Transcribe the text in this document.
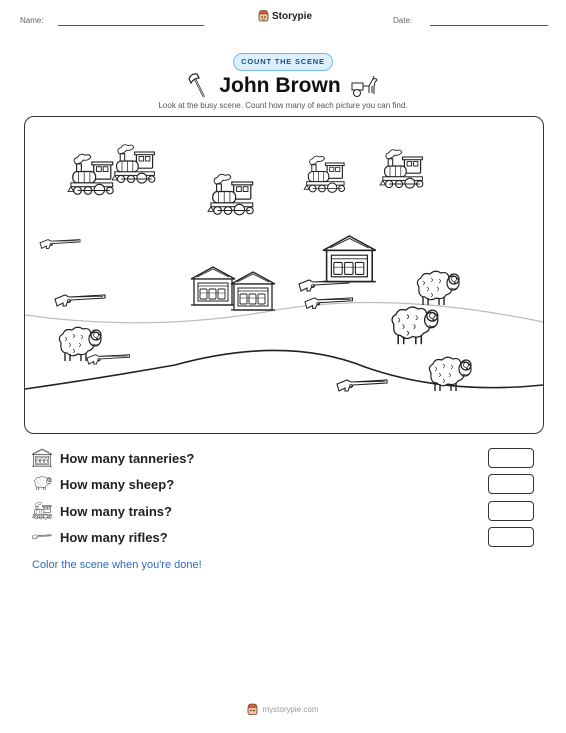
Name:	Storypie	Date:
COUNT THE SCENE
John Brown
Look at the busy scene. Count how many of each picture you can find.
How many tanneries?
How many sheep?
How many trains?
How many rifles?
Color the scene when you're done!
mystorypie.com
